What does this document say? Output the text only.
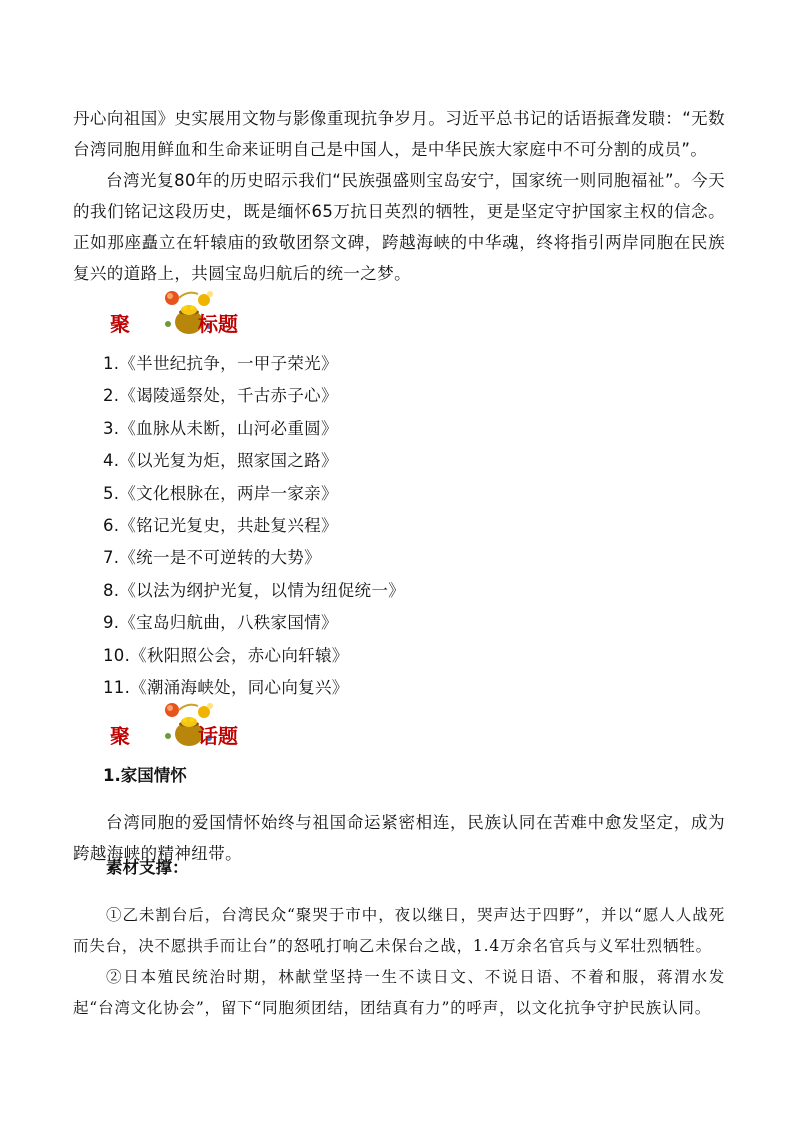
丹心向祖国》史实展用文物与影像重现抗争岁月。习近平总书记的话语振聋发聩：“无数台湾同胞用鲜血和生命来证明自己是中国人，是中华民族大家庭中不可分割的成员”。

台湾光复80年的历史昭示我们“民族强盛则宝岛安宁，国家统一则同胞福祉”。今天的我们铭记这段历史，既是缅怀65万抗日英烈的牺牲，更是坚定守护国家主权的信念。正如那座矗立在轩辕庙的致敬团祭文碑，跨越海峡的中华魂，终将指引两岸同胞在民族复兴的道路上，共圆宝岛归航后的统一之梦。

聚	标题
1.《半世纪抗争，一甲子荣光》
2.《谒陵遥祭处，千古赤子心》
3.《血脉从未断，山河必重圆》
4.《以光复为炬，照家国之路》
5.《文化根脉在，两岸一家亲》
6.《铭记光复史，共赴复兴程》
7.《统一是不可逆转的大势》
8.《以法为纲护光复，以情为纽促统一》
9.《宝岛归航曲，八秩家国情》
10.《秋阳照公会，赤心向轩辕》
11.《潮涌海峡处，同心向复兴》
聚	话题
1.家国情怀

台湾同胞的爱国情怀始终与祖国命运紧密相连，民族认同在苦难中愈发坚定，成为跨越海峡的精神纽带。

素材支撑：

①乙未割台后，台湾民众“聚哭于市中，夜以继日，哭声达于四野”，并以“愿人人战死而失台，决不愿拱手而让台”的怒吼打响乙未保台之战，1.4万余名官兵与义军壮烈牺牲。

②日本殖民统治时期，林献堂坚持一生不读日文、不说日语、不着和服，蒋渭水发起“台湾文化协会”，留下“同胞须团结，团结真有力”的呼声，以文化抗争守护民族认同。
